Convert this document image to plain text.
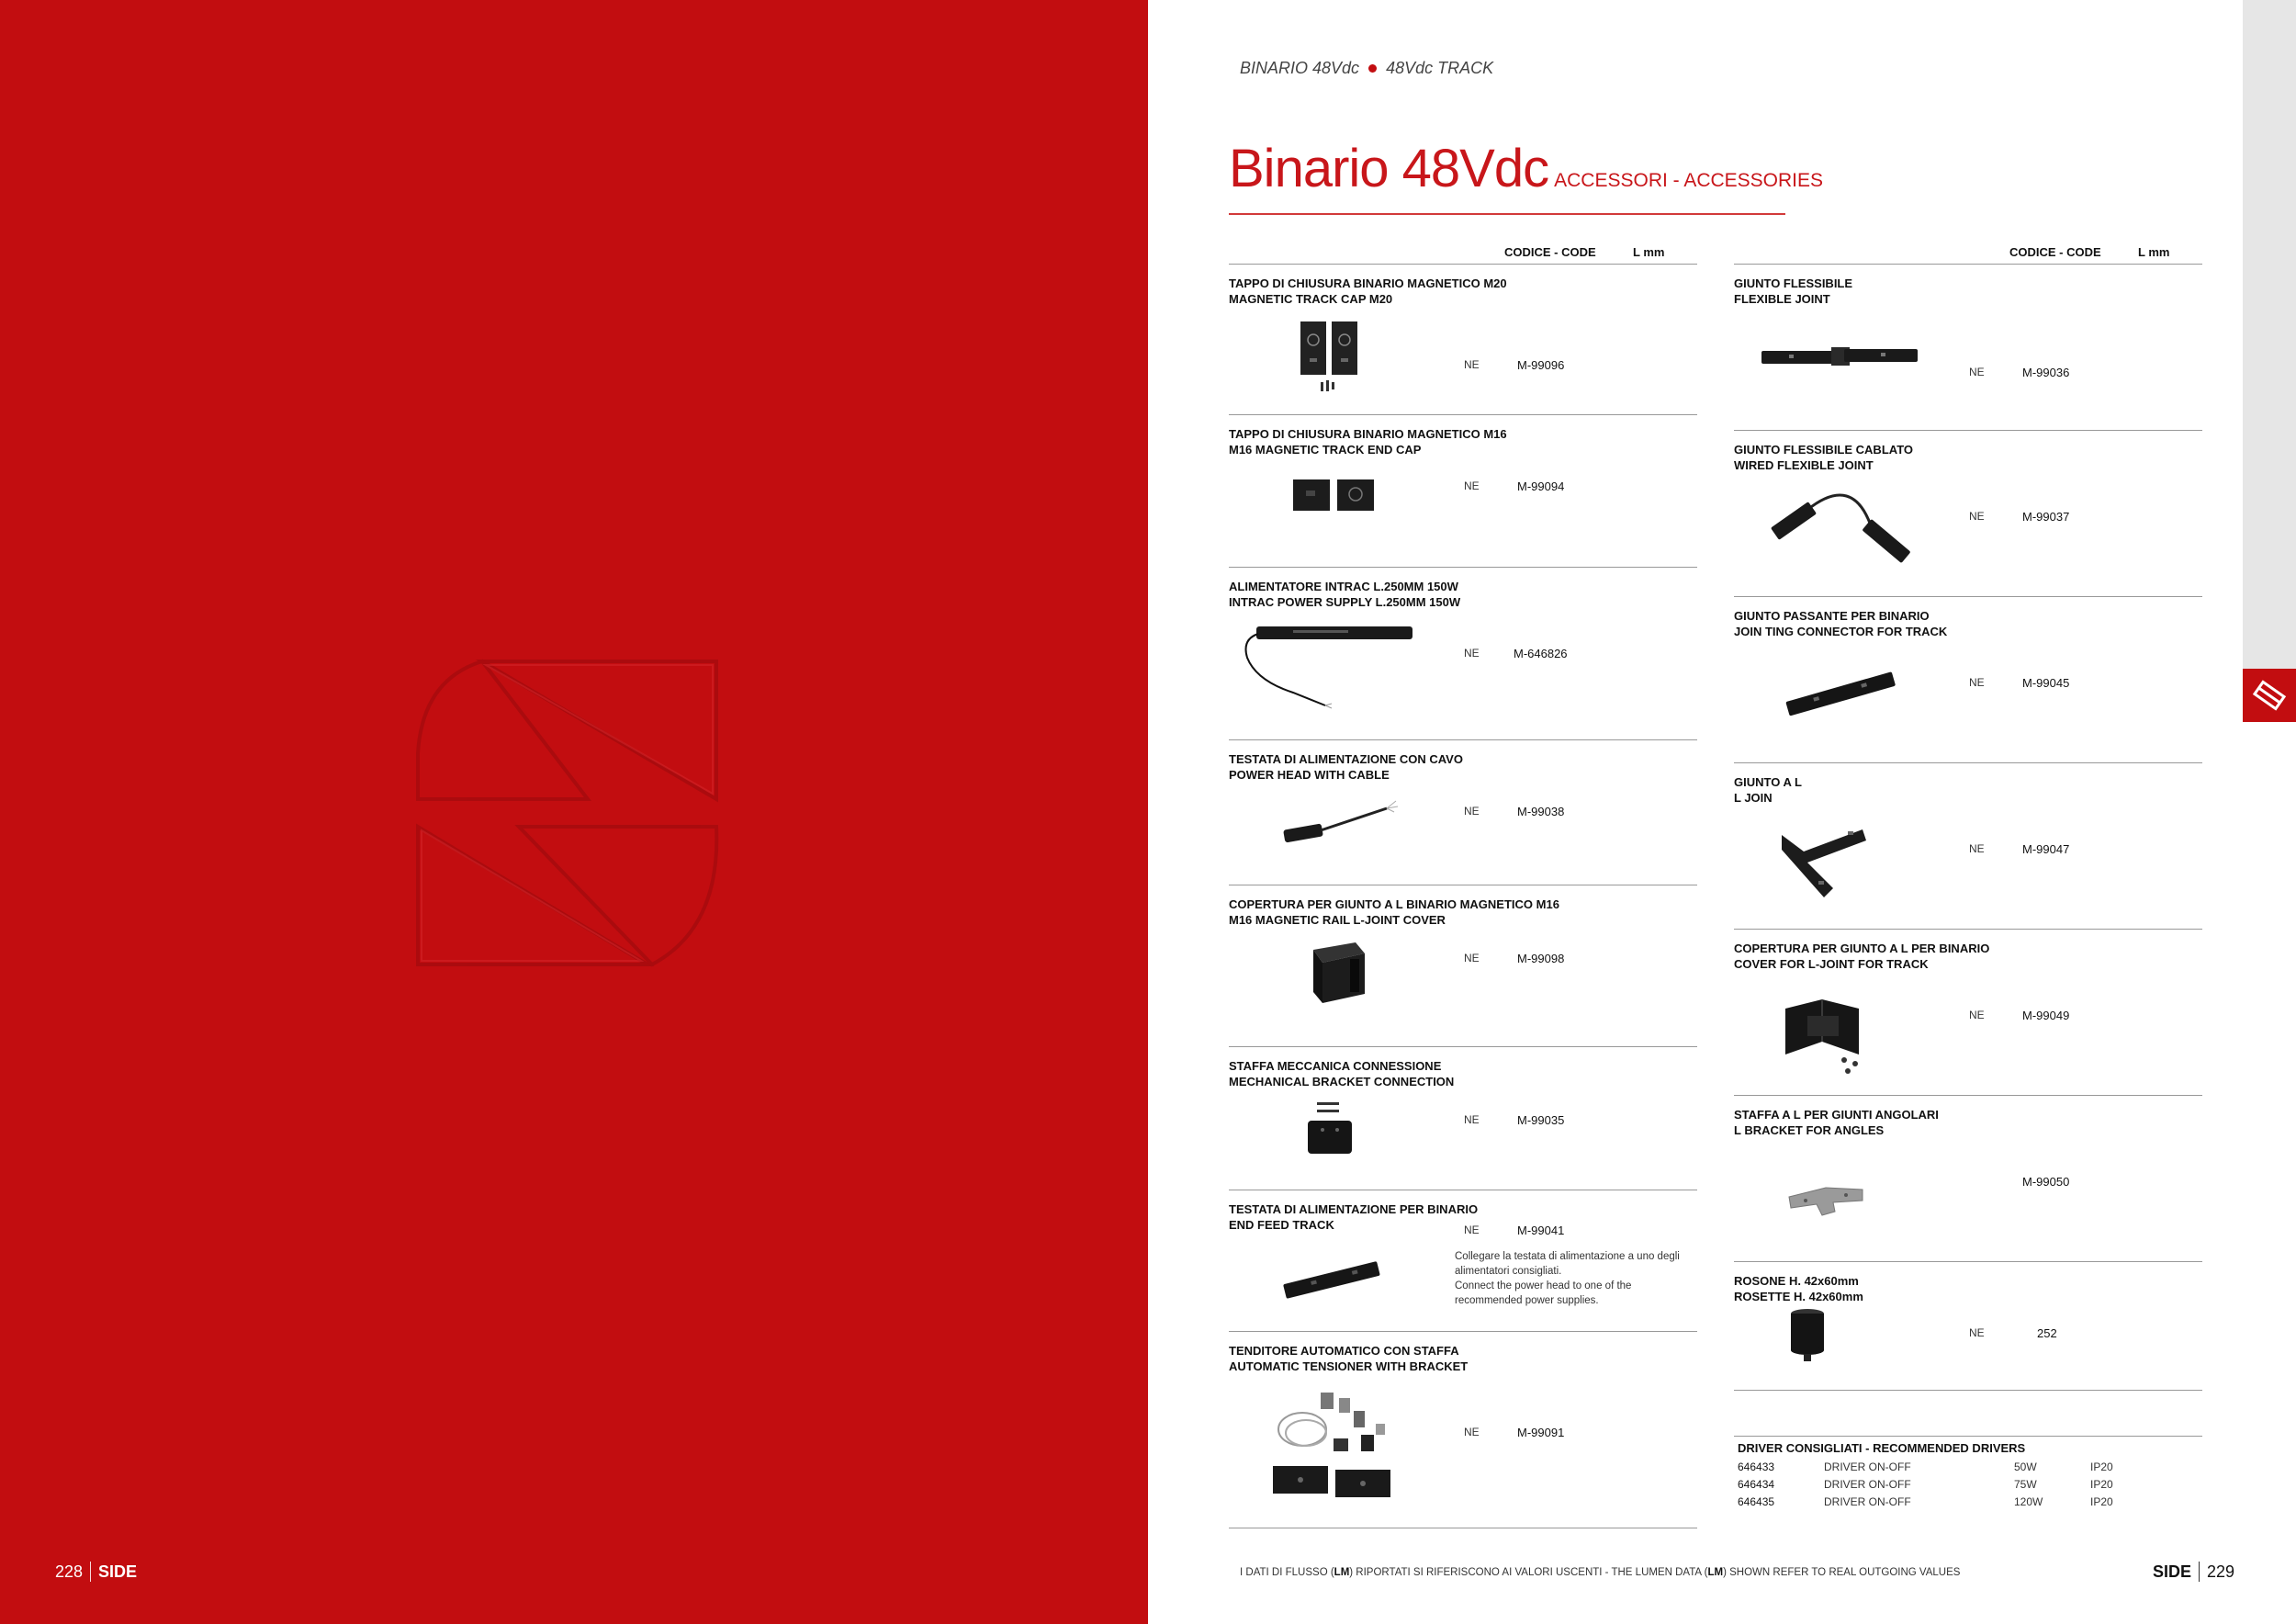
228 SIDE
BINARIO 48Vdc 48Vdc TRACK
Binario 48Vdc ACCESSORI - ACCESSORIES
CODICE - CODE	L mm
TAPPO DI CHIUSURA BINARIO MAGNETICO M20
MAGNETIC TRACK CAP M20
NE	M-99096
TAPPO DI CHIUSURA BINARIO MAGNETICO M16
M16 MAGNETIC TRACK END CAP
NE	M-99094
ALIMENTATORE INTRAC L.250MM 150W
INTRAC POWER SUPPLY L.250MM 150W
NE	M-646826
TESTATA DI ALIMENTAZIONE CON CAVO
POWER HEAD WITH CABLE
NE	M-99038
COPERTURA PER GIUNTO A L BINARIO MAGNETICO M16
M16 MAGNETIC RAIL L-JOINT COVER
NE	M-99098
STAFFA MECCANICA CONNESSIONE
MECHANICAL BRACKET CONNECTION
NE	M-99035
TESTATA DI ALIMENTAZIONE PER BINARIO
END FEED TRACK	NE	M-99041
Collegare la testata di alimentazione a uno degli alimentatori consigliati.
Connect the power head to one of the recommended power supplies.
TENDITORE AUTOMATICO CON STAFFA
AUTOMATIC TENSIONER WITH BRACKET
NE	M-99091
CODICE - CODE	L mm
GIUNTO FLESSIBILE
FLEXIBLE JOINT
NE	M-99036
GIUNTO FLESSIBILE CABLATO
WIRED FLEXIBLE JOINT
NE	M-99037
GIUNTO PASSANTE PER BINARIO
JOIN TING CONNECTOR FOR TRACK
NE	M-99045
GIUNTO A L
L JOIN
NE	M-99047
COPERTURA PER GIUNTO A L PER BINARIO
COVER FOR L-JOINT FOR TRACK
NE	M-99049
STAFFA A L PER GIUNTI ANGOLARI
L BRACKET FOR ANGLES
M-99050
ROSONE H. 42x60mm
ROSETTE H. 42x60mm
NE	252
DRIVER CONSIGLIATI - RECOMMENDED DRIVERS
646433	DRIVER ON-OFF	50W	IP20
646434	DRIVER ON-OFF	75W	IP20
646435	DRIVER ON-OFF	120W	IP20
I DATI DI FLUSSO (LM) RIPORTATI SI RIFERISCONO AI VALORI USCENTI - THE LUMEN DATA (LM) SHOWN REFER TO REAL OUTGOING VALUES	SIDE 229
